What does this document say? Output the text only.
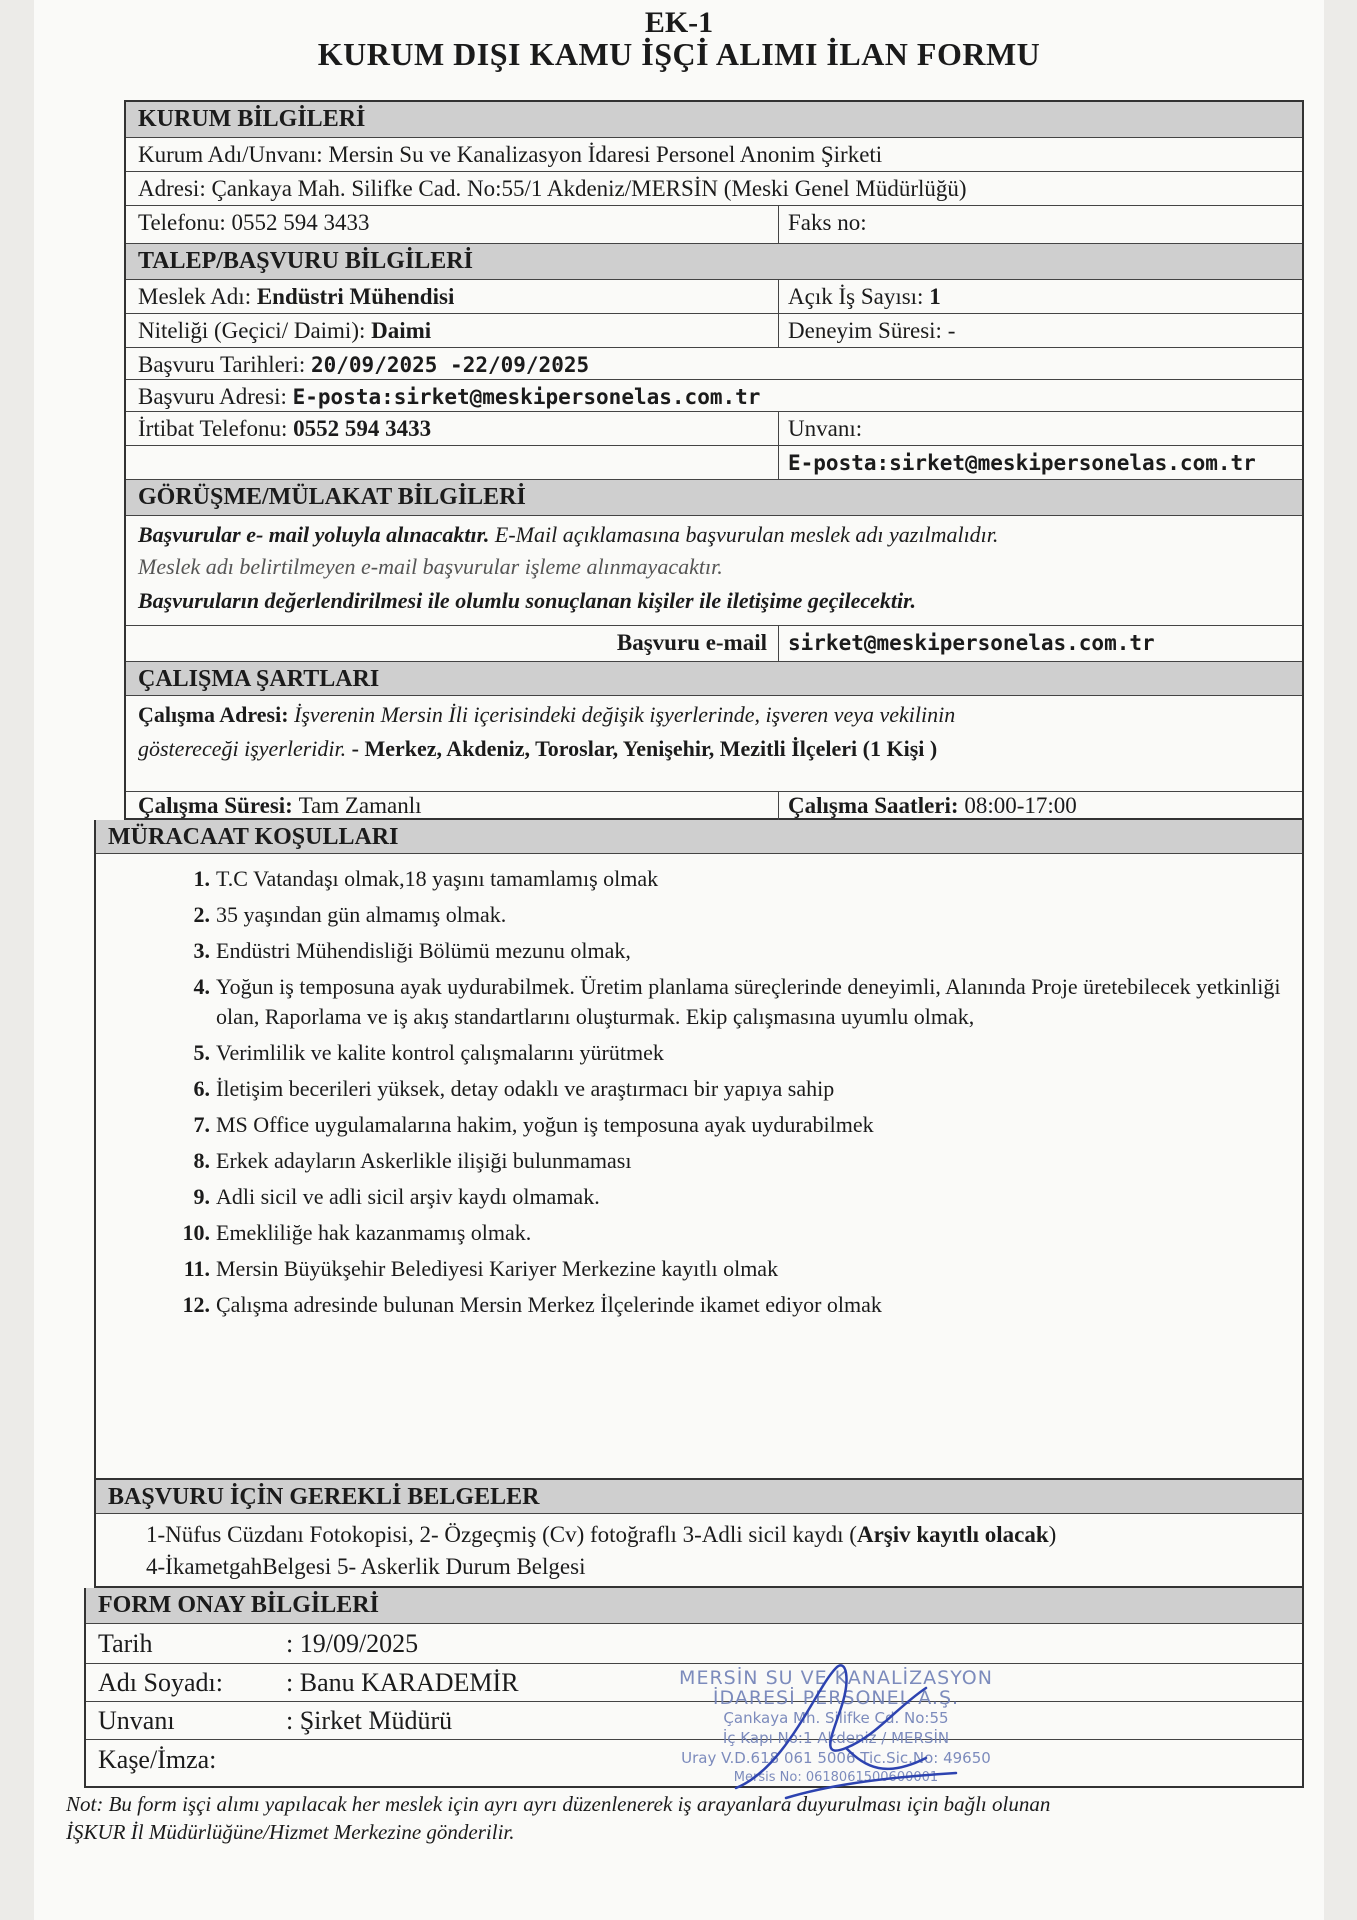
EK-1
KURUM DIŞI KAMU İŞÇİ ALIMI İLAN FORMU
KURUM BİLGİLERİ
Kurum Adı/Unvanı: Mersin Su ve Kanalizasyon İdaresi Personel Anonim Şirketi
Adresi: Çankaya Mah. Silifke Cad. No:55/1 Akdeniz/MERSİN (Meski Genel Müdürlüğü)
Telefonu: 0552 594 3433	Faks no:
TALEP/BAŞVURU BİLGİLERİ
Meslek Adı: Endüstri Mühendisi	Açık İş Sayısı: 1
Niteliği (Geçici/ Daimi): Daimi	Deneyim Süresi: -
Başvuru Tarihleri: 20/09/2025 -22/09/2025
Başvuru Adresi: E-posta:sirket@meskipersonelas.com.tr
İrtibat Telefonu: 0552 594 3433	Unvanı:
E-posta:sirket@meskipersonelas.com.tr
GÖRÜŞME/MÜLAKAT BİLGİLERİ
Başvurular e- mail yoluyla alınacaktır. E-Mail açıklamasına başvurulan meslek adı yazılmalıdır.
Meslek adı belirtilmeyen e-mail başvurular işleme alınmayacaktır.
Başvuruların değerlendirilmesi ile olumlu sonuçlanan kişiler ile iletişime geçilecektir.
Başvuru e-mail sirket@meskipersonelas.com.tr
ÇALIŞMA ŞARTLARI
Çalışma Adresi: İşverenin Mersin İli içerisindeki değişik işyerlerinde, işveren veya vekilinin
göstereceği işyerleridir. - Merkez, Akdeniz, Toroslar, Yenişehir, Mezitli İlçeleri (1 Kişi )
Çalışma Süresi: Tam Zamanlı	Çalışma Saatleri: 08:00-17:00
MÜRACAAT KOŞULLARI
1. T.C Vatandaşı olmak,18 yaşını tamamlamış olmak
2. 35 yaşından gün almamış olmak.
3. Endüstri Mühendisliği Bölümü mezunu olmak,
4. Yoğun iş temposuna ayak uydurabilmek. Üretim planlama süreçlerinde deneyimli, Alanında Proje üretebilecek yetkinliği olan, Raporlama ve iş akış standartlarını oluşturmak. Ekip çalışmasına uyumlu olmak,
5. Verimlilik ve kalite kontrol çalışmalarını yürütmek
6. İletişim becerileri yüksek, detay odaklı ve araştırmacı bir yapıya sahip
7. MS Office uygulamalarına hakim, yoğun iş temposuna ayak uydurabilmek
8. Erkek adayların Askerlikle ilişiği bulunmaması
9. Adli sicil ve adli sicil arşiv kaydı olmamak.
10. Emekliliğe hak kazanmamış olmak.
11. Mersin Büyükşehir Belediyesi Kariyer Merkezine kayıtlı olmak
12. Çalışma adresinde bulunan Mersin Merkez İlçelerinde ikamet ediyor olmak
BAŞVURU İÇİN GEREKLİ BELGELER
1-Nüfus Cüzdanı Fotokopisi, 2- Özgeçmiş (Cv) fotoğraflı 3-Adli sicil kaydı (Arşiv kayıtlı olacak)
4-İkametgahBelgesi 5- Askerlik Durum Belgesi
FORM ONAY BİLGİLERİ
Tarih	: 19/09/2025
Adı Soyadı: : Banu KARADEMİR
Unvanı	: Şirket Müdürü
Kaşe/İmza:
MERSİN SU VE KANALİZASYON
İDARESİ PERSONEL A.Ş.
Çankaya Mh. Silifke Cd. No:55
İç Kapı No:1 Akdeniz / MERSİN
Uray V.D.618 061 5006 Tic.Sic.No: 49650
Mersis No: 0618061500600001
Not: Bu form işçi alımı yapılacak her meslek için ayrı ayrı düzenlenerek iş arayanlara duyurulması için bağlı olunan
İŞKUR İl Müdürlüğüne/Hizmet Merkezine gönderilir.
